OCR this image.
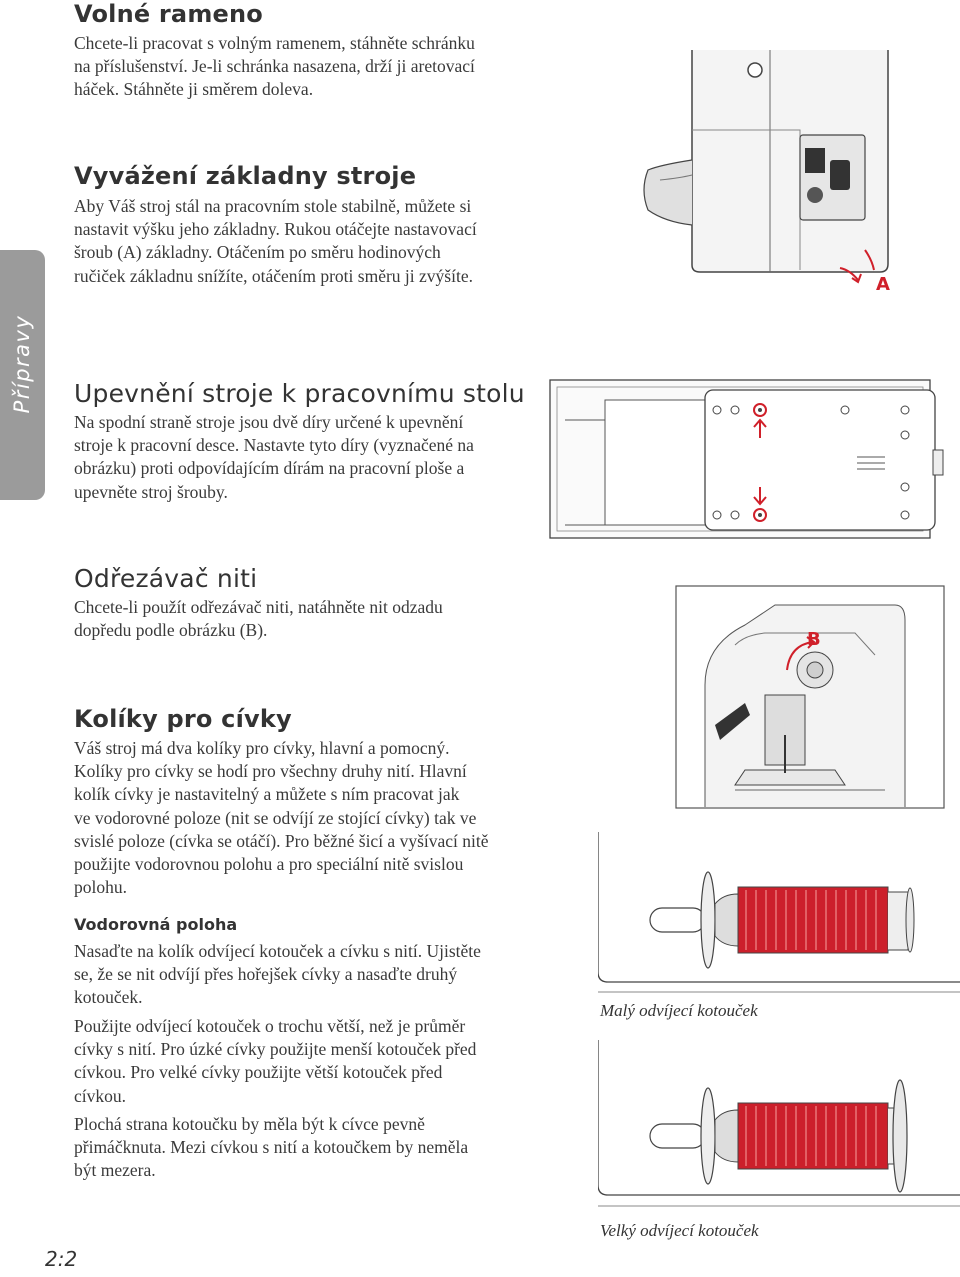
Přípravy
Volné rameno
Chcete-li pracovat s volným ramenem, stáhněte schránku
na příslušenství. Je-li schránka nasazena, drží ji aretovací
háček. Stáhněte ji směrem doleva.
Vyvážení základny stroje
Aby Váš stroj stál na pracovním stole stabilně, můžete si
nastavit výšku jeho základny. Rukou otáčejte nastavovací
šroub (A) základny. Otáčením po směru hodinových
ručiček základnu snížíte, otáčením proti směru ji zvýšíte.	A
Upevnění stroje k pracovnímu stolu
Na spodní straně stroje jsou dvě díry určené k upevnění
stroje k pracovní desce. Nastavte tyto díry (vyznačené na
obrázku) proti odpovídajícím dírám na pracovní ploše a
upevněte stroj šrouby.
Odřezávač niti
Chcete-li použít odřezávač niti, natáhněte nit odzadu
dopředu podle obrázku (B).	B
Kolíky pro cívky
Váš stroj má dva kolíky pro cívky, hlavní a pomocný.
Kolíky pro cívky se hodí pro všechny druhy nití. Hlavní
kolík cívky je nastavitelný a můžete s ním pracovat jak
ve vodorovné poloze (nit se odvíjí ze stojící cívky) tak ve
svislé poloze (cívka se otáčí). Pro běžné šicí a vyšívací nitě
použijte vodorovnou polohu a pro speciální nitě svislou
polohu.
Vodorovná poloha
Nasaďte na kolík odvíjecí kotouček a cívku s nití. Ujistěte
se, že se nit odvíjí přes hořejšek cívky a nasaďte druhý
kotouček.
Použijte odvíjecí kotouček o trochu větší, než je průměr
cívky s nití. Pro úzké cívky použijte menší kotouček před
cívkou. Pro velké cívky použijte větší kotouček před
cívkou.
Plochá strana kotoučku by měla být k cívce pevně
přimáčknuta. Mezi cívkou s nití a kotoučkem by neměla
být mezera.
Malý odvíjecí kotouček
Velký odvíjecí kotouček
2:2
